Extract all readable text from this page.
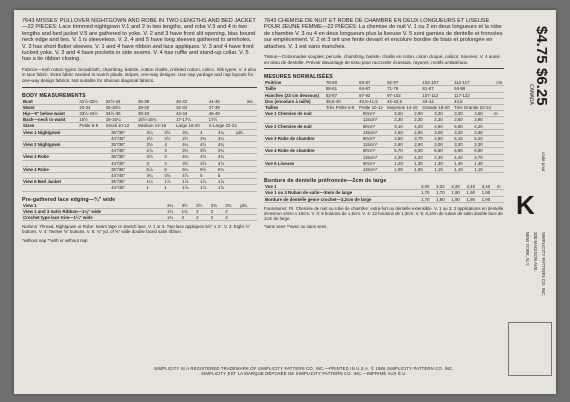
7643 MISSES' PULLOVER NIGHTGOWN AND ROBE IN TWO LENGTHS AND BED JACKET—22 PIECES: Lace trimmed nightgown V.1 and 2 in two lengths, and robe V.3 and 4 in two lengths and bed jacket V.5 are gathered to yoke. V. 2 and 3 have front slit opening, bias bound neck edge and ties. V. 1 is sleeveless. V. 2, 4 and 5 have long sleeves gathered to armholes. V. 3 has short flutter sleeves. V. 1 and 4 have ribbon and lace appliques. V. 3 and 4 have front tucked yoke. V. 3 and 4 have pockets in side seams. V. 4 has ruffle and stand-up collar. V. 5 has a tie ribbon closing.
Fabrics—Soft cotton types: broadcloth, chambray, batiste, cotton challis, crinkled cotton, calico. Silk types. V. 4 also in lace fabric. Extra fabric needed to match plaids, stripes, one-way designs. Use nap yardage and nap layouts for one-way design fabrics. Not suitable for obvious diagonal fabrics.
BODY MEASUREMENTS
Bust	31½-32½	32½-34	36-38	40-42	44-46	ins.
Waist	23-24	25-26½	28-30	32-34	37-39	
Hip—9" below waist	33½-34½	34½-36	38-40	42-44	46-48	
Back—neck to waist	15½	16-16¼	16½-16¾	17-17¼	17½	
Sizes	Petite 6-8	Small 10-12	Medium 14-16	Large 18-20	X-Large 22-24	
View 1 Nightgown	35"/36"	3¼	3½	3¾	4	4¼	yds.
	44"/45"	2½	2½	2½	2¾	3¼	
View 2 Nightgown	35"/36"	3½	4	4¼	4½	4¾	
	44"/45"	2⅞	3	3½	3½	3¾	
View 3 Robe	35"/36"	3⅞	4	4¼	4½	4¾	
	44"/45"	3	3	3½	3⅞	3⅞	
View 4 Robe	35"/36"	5⅞	6	6¼	6½	6¾	
	44"/45"	4¼	4½	4⅞	5	5	
View 5 Bed Jacket	35"/36"	1¼	1⅞	1⅞	1⅞	1⅞	
	44"/45"	1	1	1⅞	1⅞	1⅞	
Pre-gathered lace edging—¾" wide
View 1	3¼	3½	3½	3¾	3¾	yds.
View 1 and 3 Satin Ribbon—1⅛" wide	1¾	1¾	2	2	2	
Crochet type lace trim—1¼" wide	1¾	2	2	2	2	
Notions: Thread, Nightgown or Robe: Seam tape or stretch lace. V. 1 or 3. Two lace appliques 5½" x 4". V. 3: Eight ⅞" buttons. V. 4: Twelve ⅝" buttons. V. 5: ⅛" yd. of ⅝" wide double faced satin ribbon.
*without nap **with or without nap
7643 CHEMISE DE NUIT ET ROBE DE CHAMBRE EN DEUX LONGUEURS ET LISEUSE POUR JEUNE FEMME—22 PIÈCES: La chemise de nuit V. 1 ou 2 en deux longueurs et la robe de chambre V. 3 ou 4 en deux longueurs plus la liseuse V. 5 sont garnies de dentelle et froncées sur empiècement. V. 2 et 3 ont une fente devant et encolure bordée de biais et prolongée en attaches. V. 1 est sans manches.
Tissus—Cotonnades souples: percale, chambray, batiste, challis en coton, coton cloqué, calicot. Soieries. V. 4 aussi en tissu de dentelle. Prévoir davantage de tissu pour raccorder écossais, rayures, motifs unilatéraux.
MESURES NORMALISÉES
Poitrine	78-80	83-87	92-97	102-107	112-117	cm
Taille	58-61	64-67	71-76	81-87	94-99	
Hanches (23 cm dessous)	83-87	87-92	97-102	107-112	117-122	
Dos (encolure à taille)	39,5-40	40,5-41,5	42-42,5	43-44	44,5	
Tailles	Très Petite 6-8	Petite 10-12	Moyenne 14-16	Grande 18-20	Très Grande 22-24	
Vue 1 Chemise de nuit	90cm*	2,60	2,90	3,20	3,30	3,60	m
	115cm*	2,30	2,30	2,30	2,60	2,90	
Vue 2 Chemise de nuit	90cm*	3,10	4,20	4,60	5,50	4,20	
	115cm*	2,60	2,80	3,00	3,20	3,30	
Vue 3 Robe de chambre	90cm*	3,60	3,70	4,80	5,10	5,20	
	115cm*	2,80	2,90	3,00	3,30	3,30	
Vue 4 Robe de chambre	90cm*	5,70	6,30	6,50	6,90	6,90	
	115cm*	4,20	4,20	4,30	4,40	4,70	
Vue 5 Liseuse	90cm*	1,20	1,30	1,30	1,40	1,40	
	115cm*	1,00	1,00	1,10	1,10	1,10	
Bordure de dentelle préfroncée—2cm de large
Vue 1	3,00	3,20	3,20	3,40	3,40	m
Vue 1 ou 3 Ruban de satin—3mm de large	1,70	1,70	1,90	1,90	1,90	
Bordure de dentelle genre crochet—3,2cm de large	1,70	1,90	1,90	1,90	1,90	
Fournitures: Fil. Chemise de nuit ou robe de chambre: extra-fort ou dentelle extensible. V. 1 ou 3: 2 applications en dentelle d'environ 14cm x 10cm. V. 3: 8 boutons de 1,5cm. V. 4: 12 boutons de 1,3cm. V. 5: 0,10m de ruban de satin double face de 1cm de large.
*sans sens **avec ou sans sens
SIMPLICITY IS A REGISTERED TRADEMARK OF SIMPLICITY PATTERN CO. INC.—PRINTED IN U.S.A. © 1986 SIMPLICITY PATTERN CO. INC.
SIMPLICITY EST LA MARQUE DÉPOSÉE DE SIMPLICITY PATTERN CO. INC.—IMPRIMÉ AUX É.U.
$4.75
$6.25
CANADA
code pour
K
SIMPLICITY PATTERN CO. INC.
200 MADISON AVE.
NEW YORK, N.Y.
